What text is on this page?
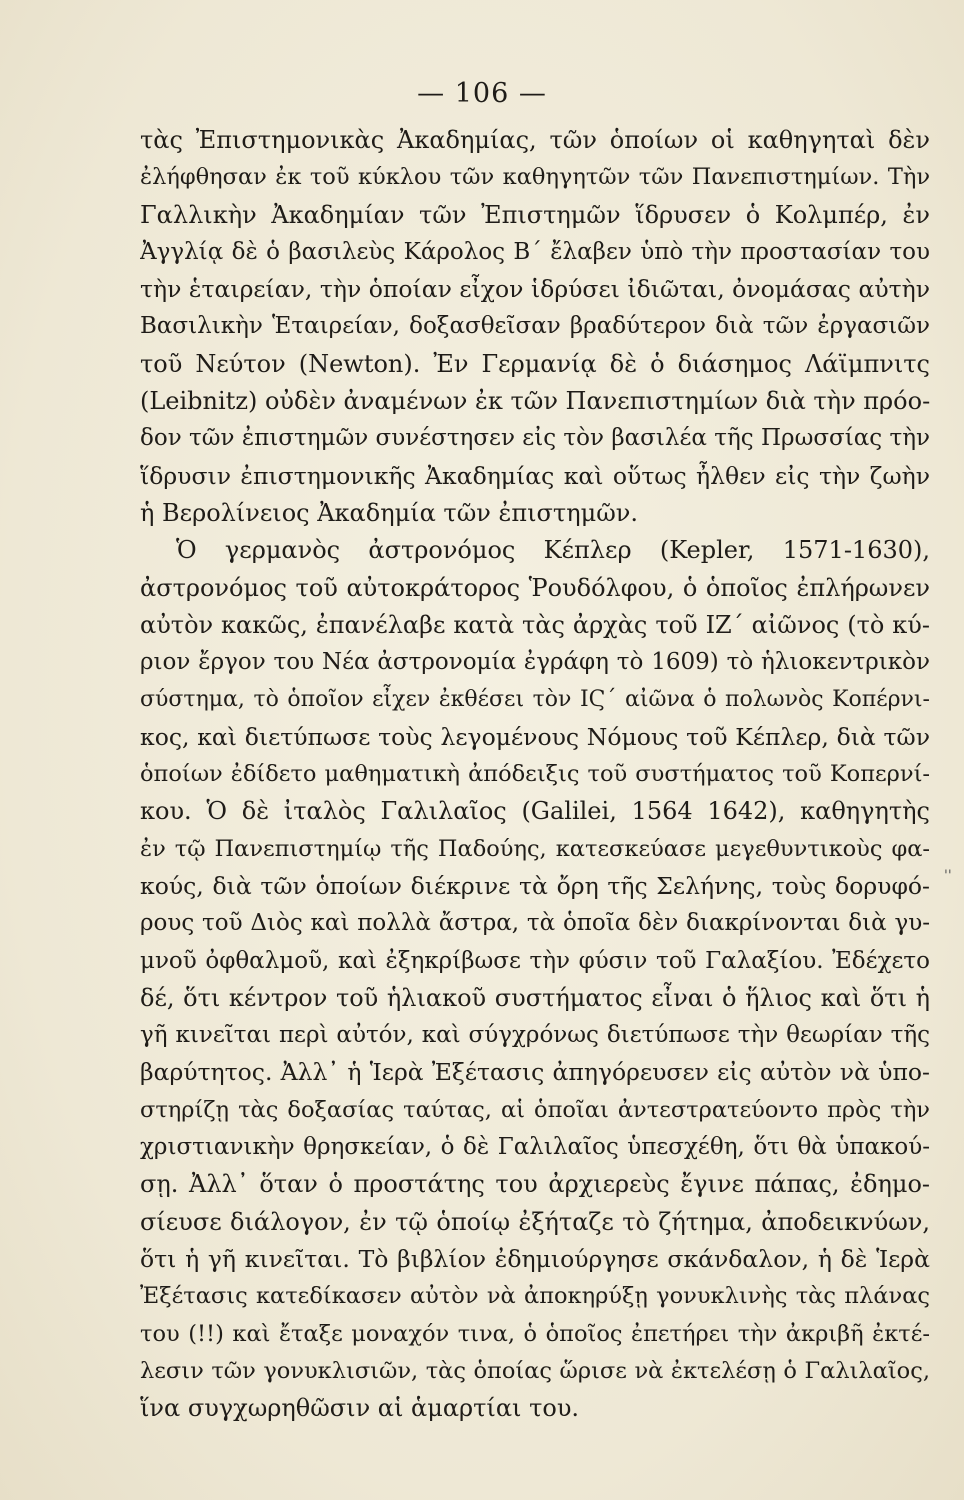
— 106 —
τὰς Ἐπιστημονικὰς Ἀκαδημίας, τῶν ὁποίων οἱ καθηγηταὶ δὲν
ἐλήφθησαν ἐκ τοῦ κύκλου τῶν καθηγητῶν τῶν Πανεπιστημίων. Τὴν
Γαλλικὴν Ἀκαδημίαν τῶν Ἐπιστημῶν ἵδρυσεν ὁ Κολμπέρ, ἐν
Ἀγγλίᾳ δὲ ὁ βασιλεὺς Κάρολος Β΄ ἔλαβεν ὑπὸ τὴν προστασίαν του
τὴν ἑταιρείαν, τὴν ὁποίαν εἶχον ἱδρύσει ἰδιῶται, ὀνομάσας αὐτὴν
Βασιλικὴν Ἑταιρείαν, δοξασθεῖσαν βραδύτερον διὰ τῶν ἐργασιῶν
τοῦ Νεύτον (Newton). Ἐν Γερμανίᾳ δὲ ὁ διάσημος Λάϊμπνιτς
(Leibnitz) οὐδὲν ἀναμένων ἐκ τῶν Πανεπιστημίων διὰ τὴν πρόο-
δον τῶν ἐπιστημῶν συνέστησεν εἰς τὸν βασιλέα τῆς Πρωσσίας τὴν
ἵδρυσιν ἐπιστημονικῆς Ἀκαδημίας καὶ οὕτως ἦλθεν εἰς τὴν ζωὴν
ἡ Βερολίνειος Ἀκαδημία τῶν ἐπιστημῶν.
Ὁ γερμανὸς ἀστρονόμος Κέπλερ (Kepler, 1571-1630),
ἀστρονόμος τοῦ αὐτοκράτορος Ῥουδόλφου, ὁ ὁποῖος ἐπλήρωνεν
αὐτὸν κακῶς, ἐπανέλαβε κατὰ τὰς ἀρχὰς τοῦ ΙΖ΄ αἰῶνος (τὸ κύ-
ριον ἔργον του Νέα ἀστρονομία ἐγράφη τὸ 1609) τὸ ἡλιοκεντρικὸν
σύστημα, τὸ ὁποῖον εἶχεν ἐκθέσει τὸν ΙϚ΄ αἰῶνα ὁ πολωνὸς Κοπέρνι-
κος, καὶ διετύπωσε τοὺς λεγομένους Νόμους τοῦ Κέπλερ, διὰ τῶν
ὁποίων ἐδίδετο μαθηματικὴ ἀπόδειξις τοῦ συστήματος τοῦ Κοπερνί-
κου. Ὁ δὲ ἰταλὸς Γαλιλαῖος (Galilei, 1564 1642), καθηγητὴς
ἐν τῷ Πανεπιστημίῳ τῆς Παδούης, κατεσκεύασε μεγεθυντικοὺς φα-
κούς, διὰ τῶν ὁποίων διέκρινε τὰ ὄρη τῆς Σελήνης, τοὺς δορυφό-
ρους τοῦ Διὸς καὶ πολλὰ ἄστρα, τὰ ὁποῖα δὲν διακρίνονται διὰ γυ-
μνοῦ ὀφθαλμοῦ, καὶ ἐξηκρίβωσε τὴν φύσιν τοῦ Γαλαξίου. Ἐδέχετο
δέ, ὅτι κέντρον τοῦ ἡλιακοῦ συστήματος εἶναι ὁ ἥλιος καὶ ὅτι ἡ
γῆ κινεῖται περὶ αὐτόν, καὶ σύγχρόνως διετύπωσε τὴν θεωρίαν τῆς
βαρύτητος. Ἀλλ᾽ ἡ Ἱερὰ Ἐξέτασις ἀπηγόρευσεν εἰς αὐτὸν νὰ ὑπο-
στηρίζῃ τὰς δοξασίας ταύτας, αἱ ὁποῖαι ἀντεστρατεύοντο πρὸς τὴν
χριστιανικὴν θρησκείαν, ὁ δὲ Γαλιλαῖος ὑπεσχέθη, ὅτι θὰ ὑπακού-
σῃ. Ἀλλ᾽ ὅταν ὁ προστάτης του ἀρχιερεὺς ἔγινε πάπας, ἐδημο-
σίευσε διάλογον, ἐν τῷ ὁποίῳ ἐξήταζε τὸ ζήτημα, ἀποδεικνύων,
ὅτι ἡ γῆ κινεῖται. Τὸ βιβλίον ἐδημιούργησε σκάνδαλον, ἡ δὲ Ἱερὰ
Ἐξέτασις κατεδίκασεν αὐτὸν νὰ ἀποκηρύξῃ γονυκλινὴς τὰς πλάνας
του (!!) καὶ ἔταξε μοναχόν τινα, ὁ ὁποῖος ἐπετήρει τὴν ἀκριβῆ ἐκτέ-
λεσιν τῶν γονυκλισιῶν, τὰς ὁποίας ὥρισε νὰ ἐκτελέσῃ ὁ Γαλιλαῖος,
ἵνα συγχωρηθῶσιν αἱ ἁμαρτίαι του.
''
